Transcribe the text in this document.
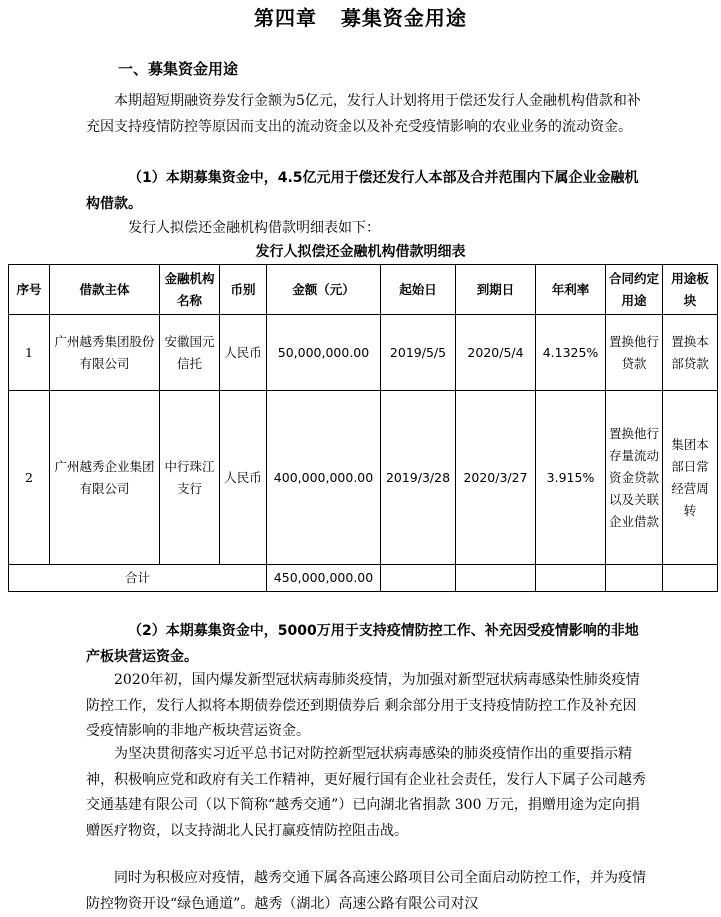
第四章   募集资金用途
一、募集资金用途
本期超短期融资券发行金额为5亿元，发行人计划将用于偿还发行人金融机构借款和补充因支持疫情防控等原因而支出的流动资金以及补充受疫情影响的农业业务的流动资金。
（1）本期募集资金中，4.5亿元用于偿还发行人本部及合并范围内下属企业金融机构借款。
发行人拟偿还金融机构借款明细表如下：
发行人拟偿还金融机构借款明细表
序号	借款主体	金融机构名称	币别	金额（元）	起始日	到期日	年利率	合同约定用途	用途板块
1	广州越秀集团股份有限公司	安徽国元信托	人民币	50,000,000.00	2019/5/5	2020/5/4	4.1325%	置换他行贷款	置换本部贷款
2	广州越秀企业集团有限公司	中行珠江支行	人民币	400,000,000.00	2019/3/28	2020/3/27	3.915%	置换他行存量流动资金贷款以及关联企业借款	集团本部日常经营周转
合计				450,000,000.00					
（2）本期募集资金中，5000万用于支持疫情防控工作、补充因受疫情影响的非地产板块营运资金。
2020年初，国内爆发新型冠状病毒肺炎疫情，为加强对新型冠状病毒感染性肺炎疫情防控工作，发行人拟将本期债券偿还到期债券后 剩余部分用于支持疫情防控工作及补充因受疫情影响的非地产板块营运资金。
为坚决贯彻落实习近平总书记对防控新型冠状病毒感染的肺炎疫情作出的重要指示精神，积极响应党和政府有关工作精神，更好履行国有企业社会责任，发行人下属子公司越秀交通基建有限公司（以下简称“越秀交通”）已向湖北省捐款 300 万元，捐赠用途为定向捐赠医疗物资，以支持湖北人民打赢疫情防控阻击战。
同时为积极应对疫情，越秀交通下属各高速公路项目公司全面启动防控工作，并为疫情防控物资开设“绿色通道”。越秀（湖北）高速公路有限公司对汉
